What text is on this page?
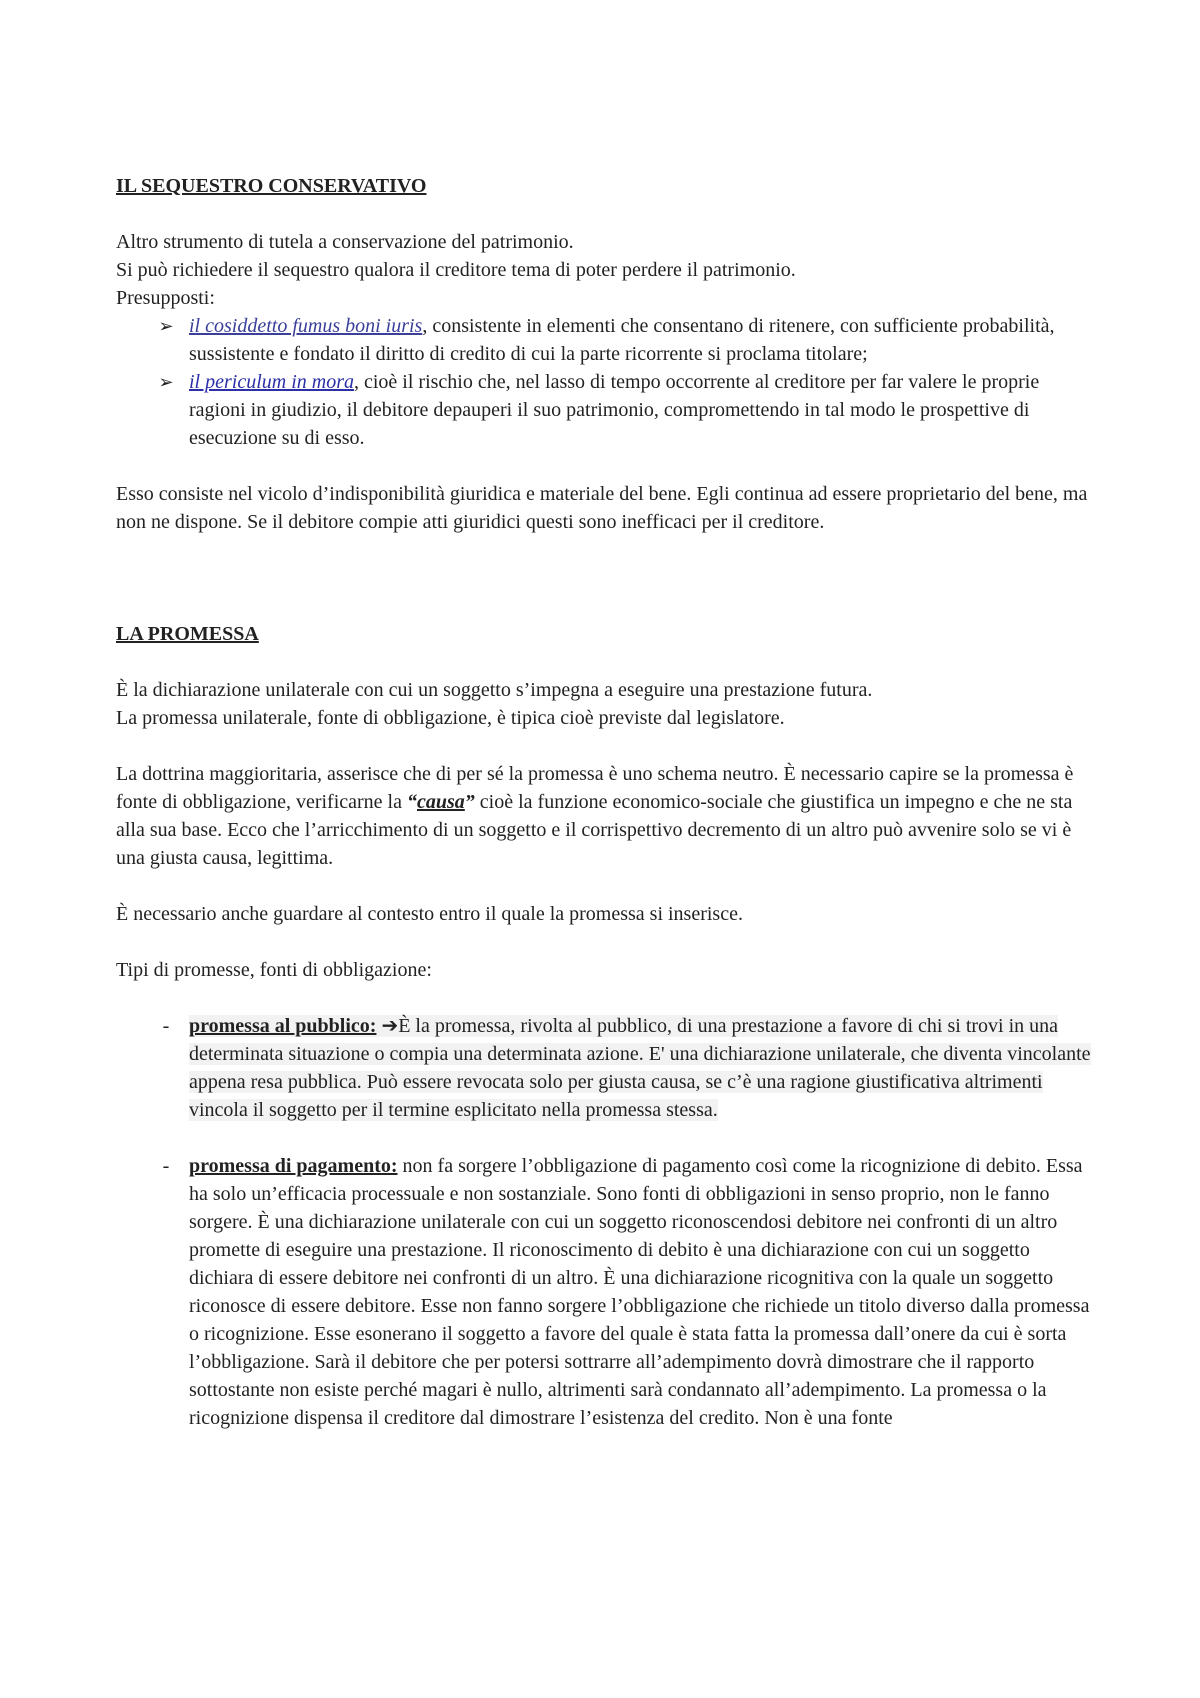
IL SEQUESTRO CONSERVATIVO

Altro strumento di tutela a conservazione del patrimonio.

Si può richiedere il sequestro qualora il creditore tema di poter perdere il patrimonio.

Presupposti:

➢ il cosiddetto fumus boni iuris, consistente in elementi che consentano di ritenere, con sufficiente probabilità, sussistente e fondato il diritto di credito di cui la parte ricorrente si proclama titolare;
➢ il periculum in mora, cioè il rischio che, nel lasso di tempo occorrente al creditore per far valere le proprie ragioni in giudizio, il debitore depauperi il suo patrimonio, compromettendo in tal modo le prospettive di esecuzione su di esso.

Esso consiste nel vicolo d’indisponibilità giuridica e materiale del bene. Egli continua ad essere proprietario del bene, ma non ne dispone. Se il debitore compie atti giuridici questi sono inefficaci per il creditore.

LA PROMESSA

È la dichiarazione unilaterale con cui un soggetto s’impegna a eseguire una prestazione futura.

La promessa unilaterale, fonte di obbligazione, è tipica cioè previste dal legislatore.

La dottrina maggioritaria, asserisce che di per sé la promessa è uno schema neutro. È necessario capire se la promessa è fonte di obbligazione, verificarne la “causa” cioè la funzione economico-sociale che giustifica un impegno e che ne sta alla sua base. Ecco che l’arricchimento di un soggetto e il corrispettivo decremento di un altro può avvenire solo se vi è una giusta causa, legittima.

È necessario anche guardare al contesto entro il quale la promessa si inserisce.

Tipi di promesse, fonti di obbligazione:

- promessa al pubblico: ➔È la promessa, rivolta al pubblico, di una prestazione a favore di chi si trovi in una determinata situazione o compia una determinata azione. E' una dichiarazione unilaterale, che diventa vincolante appena resa pubblica. Può essere revocata solo per giusta causa, se c’è una ragione giustificativa altrimenti vincola il soggetto per il termine esplicitato nella promessa stessa.
- promessa di pagamento: non fa sorgere l’obbligazione di pagamento così come la ricognizione di debito. Essa ha solo un’efficacia processuale e non sostanziale. Sono fonti di obbligazioni in senso proprio, non le fanno sorgere. È una dichiarazione unilaterale con cui un soggetto riconoscendosi debitore nei confronti di un altro promette di eseguire una prestazione. Il riconoscimento di debito è una dichiarazione con cui un soggetto dichiara di essere debitore nei confronti di un altro. È una dichiarazione ricognitiva con la quale un soggetto riconosce di essere debitore. Esse non fanno sorgere l’obbligazione che richiede un titolo diverso dalla promessa o ricognizione. Esse esonerano il soggetto a favore del quale è stata fatta la promessa dall’onere da cui è sorta l’obbligazione. Sarà il debitore che per potersi sottrarre all’adempimento dovrà dimostrare che il rapporto sottostante non esiste perché magari è nullo, altrimenti sarà condannato all’adempimento. La promessa o la ricognizione dispensa il creditore dal dimostrare l’esistenza del credito. Non è una fonte
